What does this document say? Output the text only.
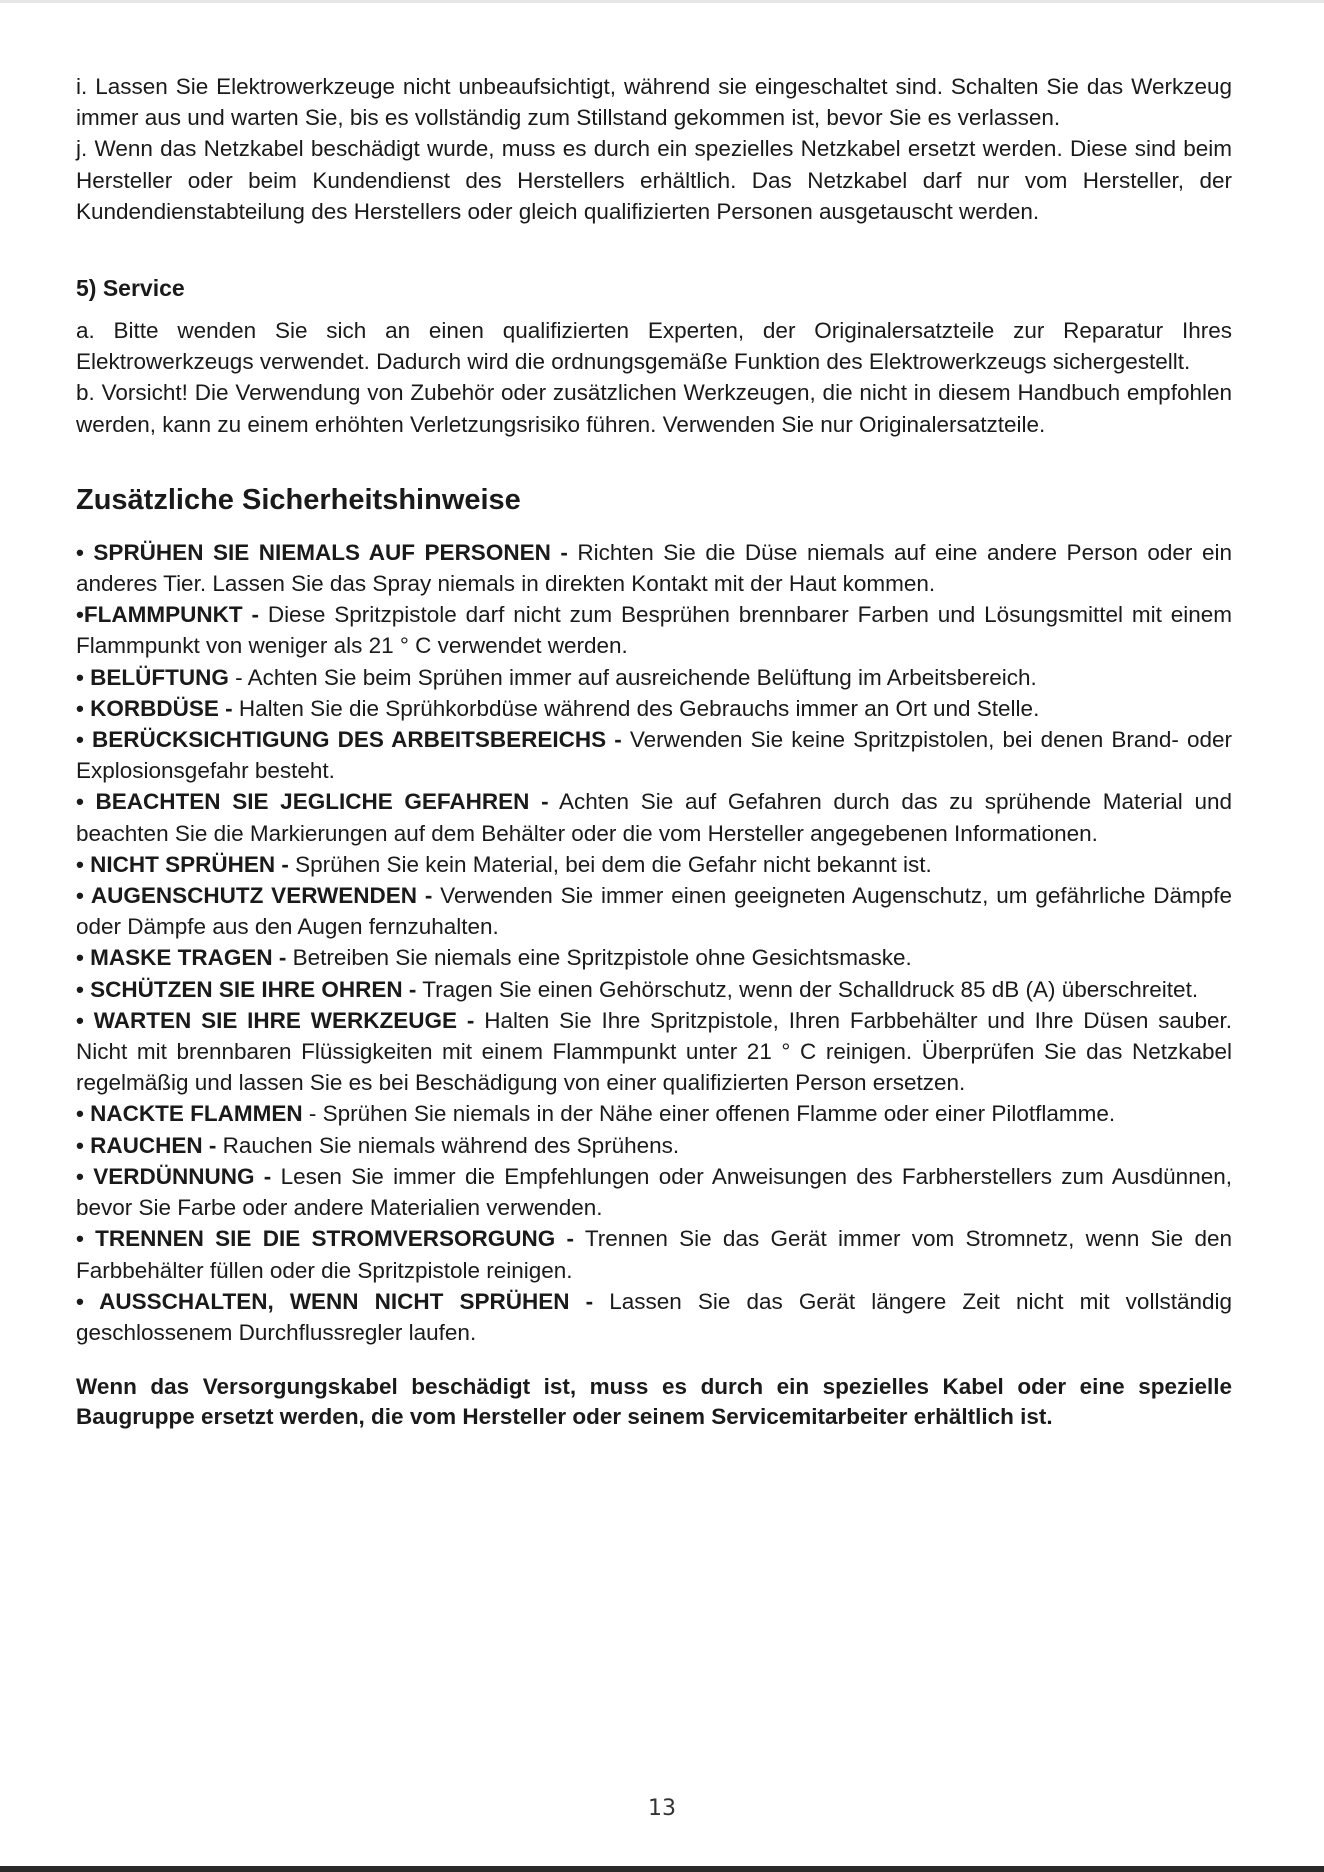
i. Lassen Sie Elektrowerkzeuge nicht unbeaufsichtigt, während sie eingeschaltet sind. Schalten Sie das Werkzeug immer aus und warten Sie, bis es vollständig zum Stillstand gekommen ist, bevor Sie es verlassen.

j. Wenn das Netzkabel beschädigt wurde, muss es durch ein spezielles Netzkabel ersetzt werden. Diese sind beim Hersteller oder beim Kundendienst des Herstellers erhältlich. Das Netzkabel darf nur vom Hersteller, der Kundendienstabteilung des Herstellers oder gleich qualifizierten Personen ausgetauscht werden.

5) Service

a. Bitte wenden Sie sich an einen qualifizierten Experten, der Originalersatzteile zur Reparatur Ihres Elektrowerkzeugs verwendet. Dadurch wird die ordnungsgemäße Funktion des Elektrowerkzeugs sichergestellt.

b. Vorsicht! Die Verwendung von Zubehör oder zusätzlichen Werkzeugen, die nicht in diesem Handbuch empfohlen werden, kann zu einem erhöhten Verletzungsrisiko führen. Verwenden Sie nur Originalersatzteile.

Zusätzliche Sicherheitshinweise

• SPRÜHEN SIE NIEMALS AUF PERSONEN - Richten Sie die Düse niemals auf eine andere Person oder ein anderes Tier. Lassen Sie das Spray niemals in direkten Kontakt mit der Haut kommen.

•FLAMMPUNKT - Diese Spritzpistole darf nicht zum Besprühen brennbarer Farben und Lösungsmittel mit einem Flammpunkt von weniger als 21 ° C verwendet werden.

• BELÜFTUNG - Achten Sie beim Sprühen immer auf ausreichende Belüftung im Arbeitsbereich.

• KORBDÜSE - Halten Sie die Sprühkorbdüse während des Gebrauchs immer an Ort und Stelle.

• BERÜCKSICHTIGUNG DES ARBEITSBEREICHS - Verwenden Sie keine Spritzpistolen, bei denen Brand- oder Explosionsgefahr besteht.

• BEACHTEN SIE JEGLICHE GEFAHREN - Achten Sie auf Gefahren durch das zu sprühende Material und beachten Sie die Markierungen auf dem Behälter oder die vom Hersteller angegebenen Informationen.

• NICHT SPRÜHEN - Sprühen Sie kein Material, bei dem die Gefahr nicht bekannt ist.

• AUGENSCHUTZ VERWENDEN - Verwenden Sie immer einen geeigneten Augenschutz, um gefährliche Dämpfe oder Dämpfe aus den Augen fernzuhalten.

• MASKE TRAGEN - Betreiben Sie niemals eine Spritzpistole ohne Gesichtsmaske.

• SCHÜTZEN SIE IHRE OHREN - Tragen Sie einen Gehörschutz, wenn der Schalldruck 85 dB (A) überschreitet.

• WARTEN SIE IHRE WERKZEUGE - Halten Sie Ihre Spritzpistole, Ihren Farbbehälter und Ihre Düsen sauber. Nicht mit brennbaren Flüssigkeiten mit einem Flammpunkt unter 21 ° C reinigen. Überprüfen Sie das Netzkabel regelmäßig und lassen Sie es bei Beschädigung von einer qualifizierten Person ersetzen.

• NACKTE FLAMMEN - Sprühen Sie niemals in der Nähe einer offenen Flamme oder einer Pilotflamme.

• RAUCHEN - Rauchen Sie niemals während des Sprühens.

• VERDÜNNUNG - Lesen Sie immer die Empfehlungen oder Anweisungen des Farbherstellers zum Ausdünnen, bevor Sie Farbe oder andere Materialien verwenden.

• TRENNEN SIE DIE STROMVERSORGUNG - Trennen Sie das Gerät immer vom Stromnetz, wenn Sie den Farbbehälter füllen oder die Spritzpistole reinigen.

• AUSSCHALTEN, WENN NICHT SPRÜHEN - Lassen Sie das Gerät längere Zeit nicht mit vollständig geschlossenem Durchflussregler laufen.

Wenn das Versorgungskabel beschädigt ist, muss es durch ein spezielles Kabel oder eine spezielle Baugruppe ersetzt werden, die vom Hersteller oder seinem Servicemitarbeiter erhältlich ist.

13
